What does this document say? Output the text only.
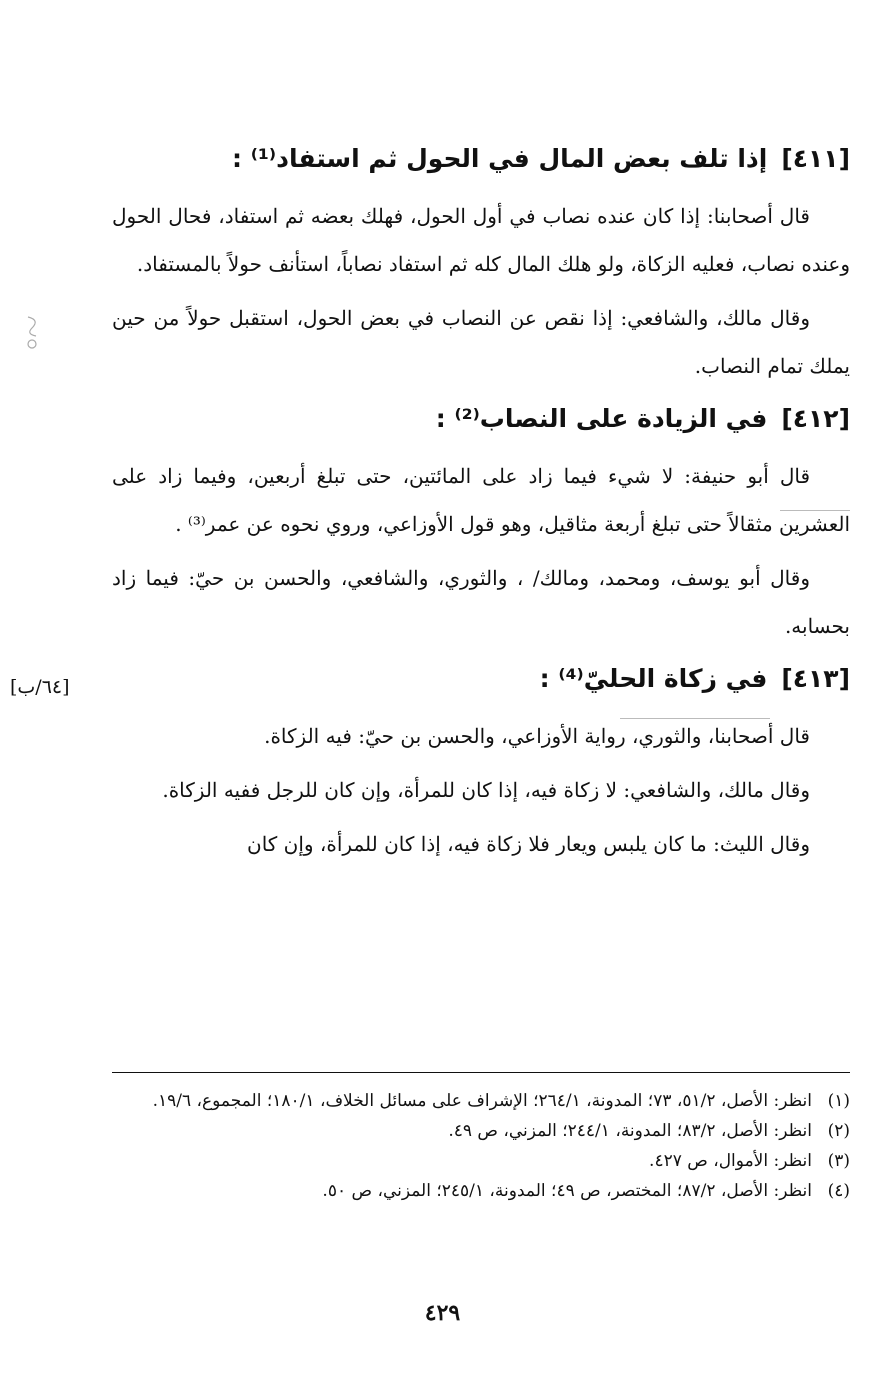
[٤١١]إذا تلف بعض المال في الحول ثم استفاد⁽¹⁾ :

قال أصحابنا: إذا كان عنده نصاب في أول الحول، فهلك بعضه ثم استفاد، فحال الحول وعنده نصاب، فعليه الزكاة، ولو هلك المال كله ثم استفاد نصاباً، استأنف حولاً بالمستفاد.

وقال مالك، والشافعي: إذا نقص عن النصاب في بعض الحول، استقبل حولاً من حين يملك تمام النصاب.

[٤١٢]في الزيادة على النصاب⁽²⁾ :

قال أبو حنيفة: لا شيء فيما زاد على المائتين، حتى تبلغ أربعين، وفيما زاد على العشرين مثقالاً حتى تبلغ أربعة مثاقيل، وهو قول الأوزاعي، وروي نحوه عن عمر⁽³⁾ .

وقال أبو يوسف، ومحمد، ومالك/ ، والثوري، والشافعي، والحسن بن حيّ: فيما زاد بحسابه.

[٤١٣]في زكاة الحليّ⁽⁴⁾ :

قال أصحابنا، والثوري، رواية الأوزاعي، والحسن بن حيّ: فيه الزكاة.

وقال مالك، والشافعي: لا زكاة فيه، إذا كان للمرأة، وإن كان للرجل ففيه الزكاة.

وقال الليث: ما كان يلبس ويعار فلا زكاة فيه، إذا كان للمرأة، وإن كان

[٦٤/ب]
(١)
انظر: الأصل، ٥١/٢، ٧٣؛ المدونة، ٢٦٤/١؛ الإشراف على مسائل الخلاف، ١٨٠/١؛ المجموع، ١٩/٦.
(٢)
انظر: الأصل، ٨٣/٢؛ المدونة، ٢٤٤/١؛ المزني، ص ٤٩.
(٣)
انظر: الأموال، ص ٤٢٧.
(٤)
انظر: الأصل، ٨٧/٢؛ المختصر، ص ٤٩؛ المدونة، ٢٤٥/١؛ المزني، ص ٥٠.
٤٢٩
